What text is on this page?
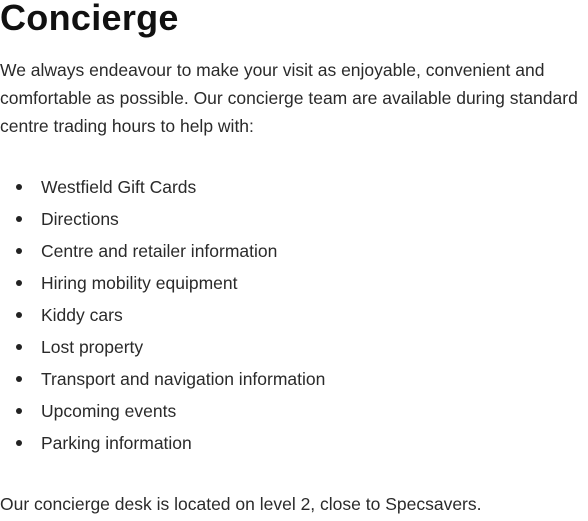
Concierge

We always endeavour to make your visit as enjoyable, convenient and comfortable as possible. Our concierge team are available during standard centre trading hours to help with:

Westfield Gift Cards
Directions
Centre and retailer information
Hiring mobility equipment
Kiddy cars
Lost property
Transport and navigation information
Upcoming events
Parking information

Our concierge desk is located on level 2, close to Specsavers.
